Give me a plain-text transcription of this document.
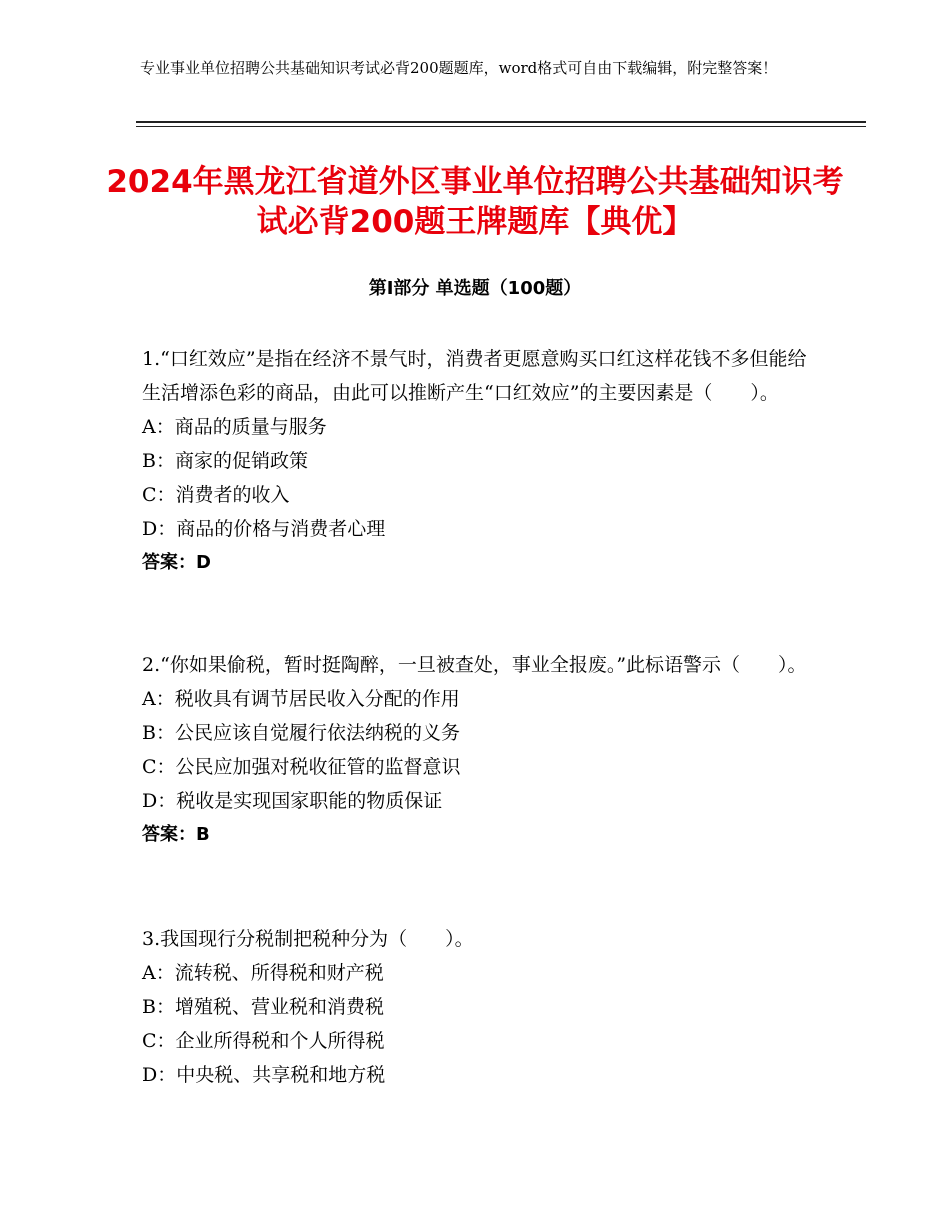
专业事业单位招聘公共基础知识考试必背200题题库，word格式可自由下载编辑，附完整答案！
2024年黑龙江省道外区事业单位招聘公共基础知识考试必背200题王牌题库【典优】
第Ⅰ部分 单选题（100题）
1.“口红效应”是指在经济不景气时，消费者更愿意购买口红这样花钱不多但能给生活增添色彩的商品，由此可以推断产生“口红效应”的主要因素是（　　）。
A：商品的质量与服务
B：商家的促销政策
C：消费者的收入
D：商品的价格与消费者心理
答案：D
2.“你如果偷税，暂时挺陶醉，一旦被查处，事业全报废。”此标语警示（　　）。
A：税收具有调节居民收入分配的作用
B：公民应该自觉履行依法纳税的义务
C：公民应加强对税收征管的监督意识
D：税收是实现国家职能的物质保证
答案：B
3.我国现行分税制把税种分为（　　）。
A：流转税、所得税和财产税
B：增殖税、营业税和消费税
C：企业所得税和个人所得税
D：中央税、共享税和地方税
